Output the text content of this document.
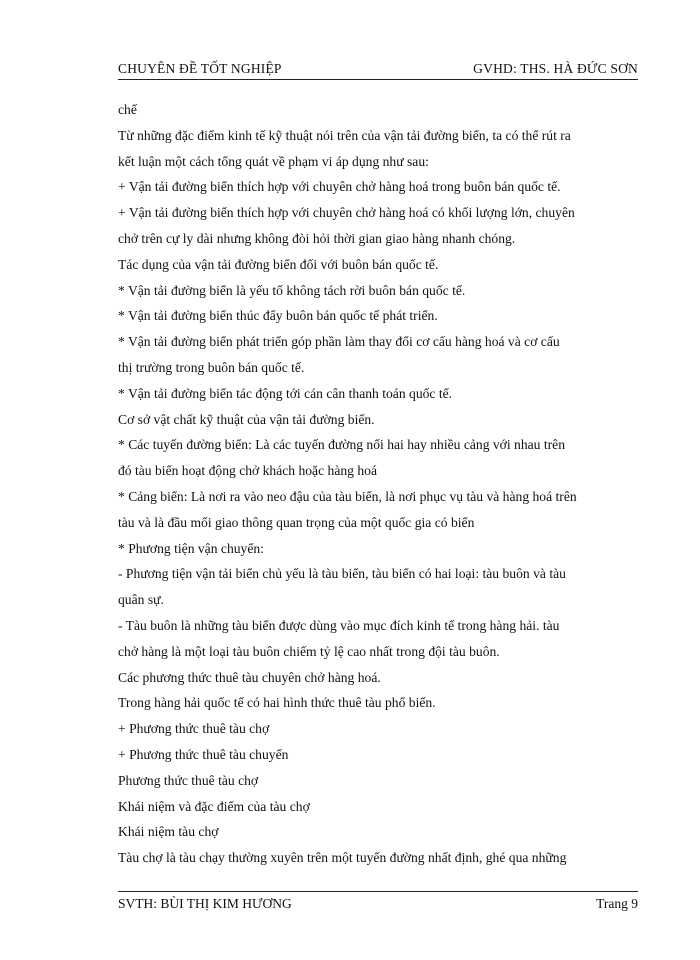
CHUYÊN ĐỀ TỐT NGHIỆP	GVHD: THS. HÀ ĐỨC SƠN

chế

Từ những đặc điểm kinh tế kỹ thuật nói trên của vận tải đường biển, ta có thể rút ra

kết luận một cách tổng quát về phạm vi áp dụng như sau:

+ Vận tải đường biển thích hợp với chuyên chở hàng hoá trong buôn bán quốc tế.

+ Vận tải đường biển thích hợp với chuyên chở hàng hoá có khối lượng lớn, chuyên

chở trên cự ly dài nhưng không đòi hỏi thời gian giao hàng nhanh chóng.

Tác dụng của vận tải đường biển đối với buôn bán quốc tế.

* Vận tải đường biển là yếu tố không tách rời buôn bán quốc tế.

* Vận tải đường biển thúc đẩy buôn bán quốc tế phát triển.

* Vận tải đường biển phát triển góp phần làm thay đổi cơ cấu hàng hoá và cơ cấu

thị trường trong buôn bán quốc tế.

* Vận tải đường biển tác động tới cán cân thanh toán quốc tế.

Cơ sở vật chất kỹ thuật của vận tải đường biển.

* Các tuyến đường biển: Là các tuyến đường nối hai hay nhiều cảng với nhau trên

đó tàu biển hoạt động chở khách hoặc hàng hoá

* Cảng biển: Là nơi ra vào neo đậu của tàu biển, là nơi phục vụ tàu và hàng hoá trên

tàu và là đầu mối giao thông quan trọng của một quốc gia có biển

* Phương tiện vận chuyển:

- Phương tiện vận tải biển chủ yếu là tàu biển, tàu biển có hai loại: tàu buôn và tàu

quân sự.

- Tàu buôn là những tàu biển được dùng vào mục đích kinh tế trong hàng hải. tàu

chở hàng là một loại tàu buôn chiếm tỷ lệ cao nhất trong đội tàu buôn.

Các phương thức thuê tàu chuyên chở hàng hoá.

Trong hàng hải quốc tế có hai hình thức thuê tàu phổ biến.

+ Phương thức thuê tàu chợ

+ Phương thức thuê tàu chuyến

Phương thức thuê tàu chợ

Khái niệm và đặc điểm của tàu chợ

Khái niệm tàu chợ

Tàu chợ là tàu chạy thường xuyên trên một tuyến đường nhất định, ghé qua những

SVTH: BÙI THỊ KIM HƯƠNG	Trang 9
